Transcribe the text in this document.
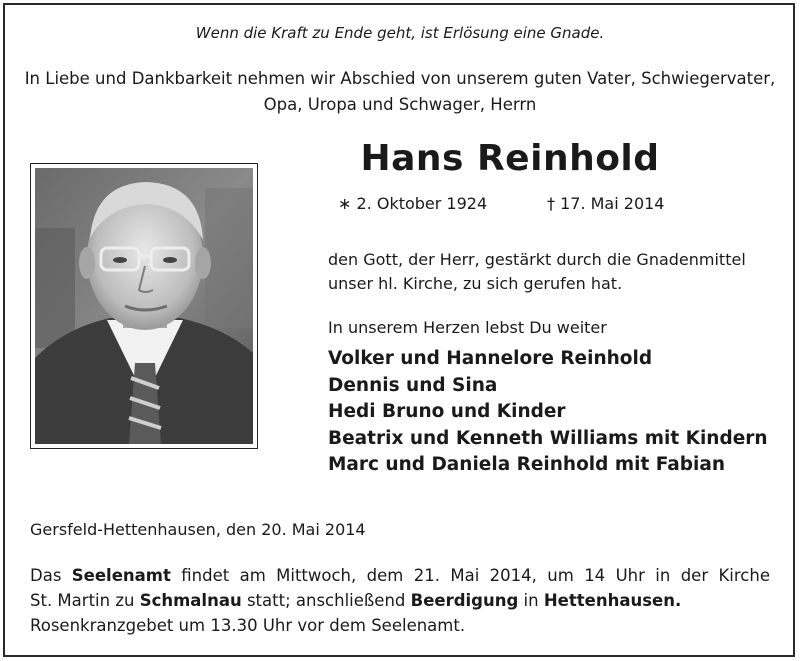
Wenn die Kraft zu Ende geht, ist Erlösung eine Gnade.
In Liebe und Dankbarkeit nehmen wir Abschied von unserem guten Vater, Schwiegervater,
Opa, Uropa und Schwager, Herrn
Hans Reinhold
∗ 2. Oktober 1924	† 17. Mai 2014
den Gott, der Herr, gestärkt durch die Gnadenmittel
unser hl. Kirche, zu sich gerufen hat.
In unserem Herzen lebst Du weiter
Volker und Hannelore Reinhold
Dennis und Sina
Hedi Bruno und Kinder
Beatrix und Kenneth Williams mit Kindern
Marc und Daniela Reinhold mit Fabian
Gersfeld-Hettenhausen, den 20. Mai 2014
Das Seelenamt findet am Mittwoch, dem 21. Mai 2014, um 14 Uhr in der Kirche
St. Martin zu Schmalnau statt; anschließend Beerdigung in Hettenhausen.
Rosenkranzgebet um 13.30 Uhr vor dem Seelenamt.
